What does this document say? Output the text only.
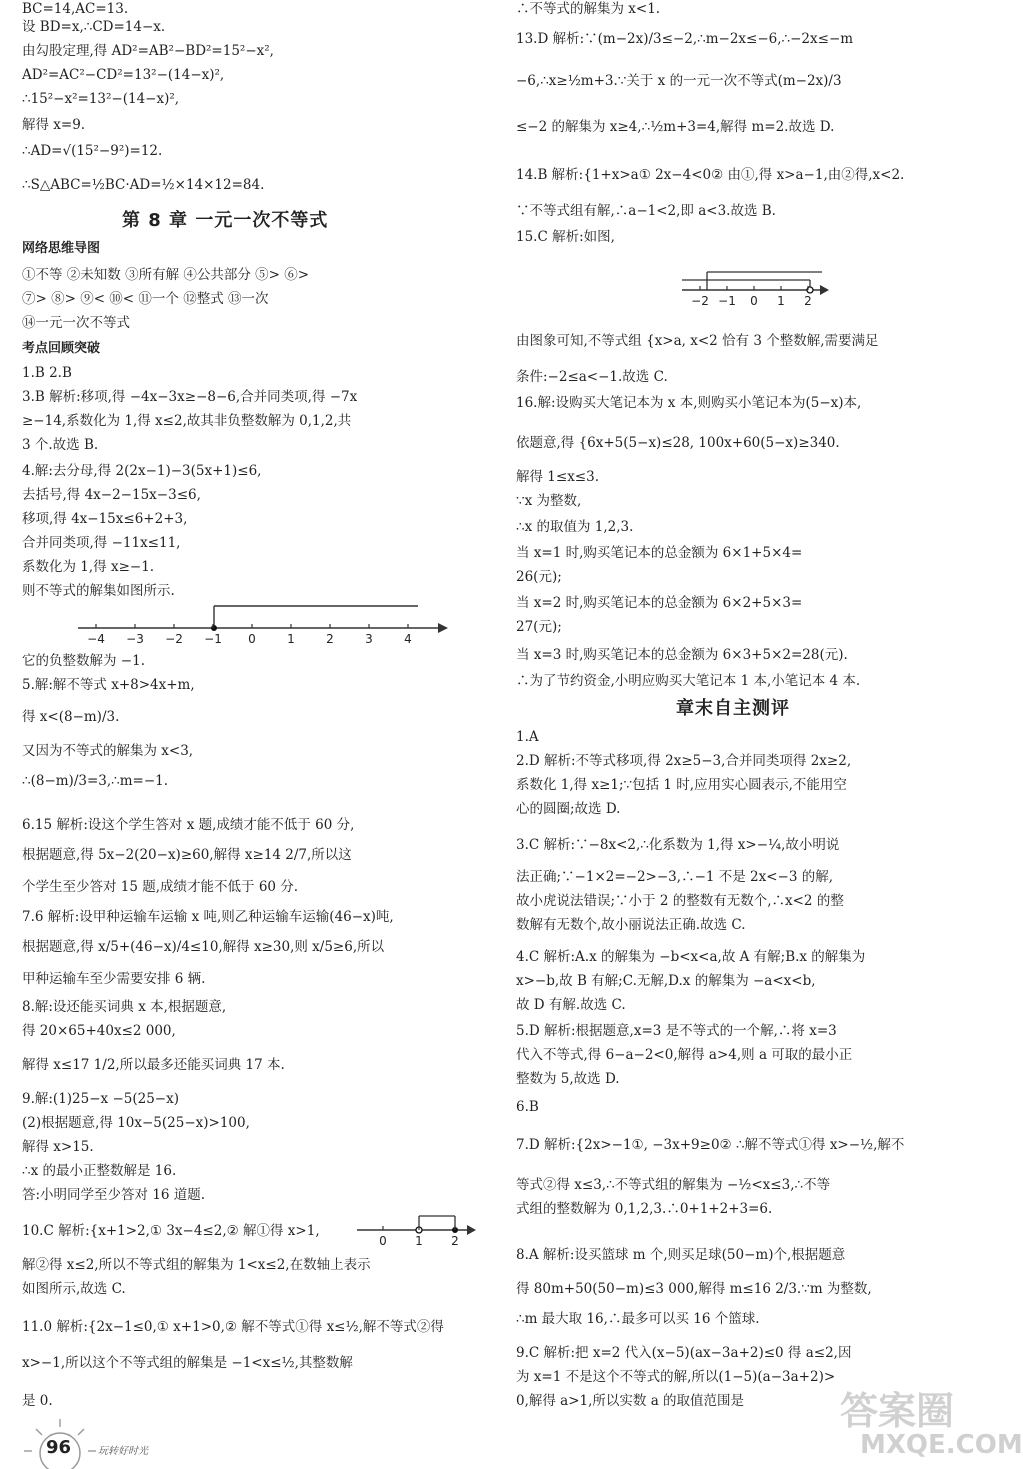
BC=14,AC=13.
设 BD=x,∴CD=14−x.
由勾股定理,得 AD²=AB²−BD²=15²−x²,
AD²=AC²−CD²=13²−(14−x)²,
∴15²−x²=13²−(14−x)²,
解得 x=9.
∴AD=√(15²−9²)=12.
∴S△ABC=½BC·AD=½×14×12=84.
第 8 章 一元一次不等式
网络思维导图
①不等 ②未知数 ③所有解 ④公共部分 ⑤> ⑥>
⑦> ⑧> ⑨< ⑩< ⑪一个 ⑫整式 ⑬一次
⑭一元一次不等式
考点回顾突破
1.B 2.B
3.B 解析:移项,得 −4x−3x≥−8−6,合并同类项,得 −7x
≥−14,系数化为 1,得 x≤2,故其非负整数解为 0,1,2,共
3 个.故选 B.
4.解:去分母,得 2(2x−1)−3(5x+1)≤6,
去括号,得 4x−2−15x−3≤6,
移项,得 4x−15x≤6+2+3,
合并同类项,得 −11x≤11,
系数化为 1,得 x≥−1.
则不等式的解集如图所示.
它的负整数解为 −1.
5.解:解不等式 x+8>4x+m,
得 x<(8−m)/3.
又因为不等式的解集为 x<3,
∴(8−m)/3=3,∴m=−1.
6.15 解析:设这个学生答对 x 题,成绩才能不低于 60 分,
根据题意,得 5x−2(20−x)≥60,解得 x≥14 2/7,所以这
个学生至少答对 15 题,成绩才能不低于 60 分.
7.6 解析:设甲种运输车运输 x 吨,则乙种运输车运输(46−x)吨,
根据题意,得 x/5+(46−x)/4≤10,解得 x≥30,则 x/5≥6,所以
甲种运输车至少需要安排 6 辆.
8.解:设还能买词典 x 本,根据题意,
得 20×65+40x≤2 000,
解得 x≤17 1/2,所以最多还能买词典 17 本.
9.解:(1)25−x −5(25−x)
(2)根据题意,得 10x−5(25−x)>100,
解得 x>15.
∴x 的最小正整数解是 16.
答:小明同学至少答对 16 道题.
10.C 解析:{x+1>2,① 3x−4≤2,② 解①得 x>1,
解②得 x≤2,所以不等式组的解集为 1<x≤2,在数轴上表示
如图所示,故选 C.
11.0 解析:{2x−1≤0,① x+1>0,② 解不等式①得 x≤½,解不等式②得
x>−1,所以这个不等式组的解集是 −1<x≤½,其整数解
是 0.
∴不等式的解集为 x<1.
13.D 解析:∵(m−2x)/3≤−2,∴m−2x≤−6,∴−2x≤−m
−6,∴x≥½m+3.∵关于 x 的一元一次不等式(m−2x)/3
≤−2 的解集为 x≥4,∴½m+3=4,解得 m=2.故选 D.
14.B 解析:{1+x>a① 2x−4<0② 由①,得 x>a−1,由②得,x<2.
∵不等式组有解,∴a−1<2,即 a<3.故选 B.
15.C 解析:如图,
由图象可知,不等式组 {x>a, x<2 恰有 3 个整数解,需要满足
条件:−2≤a<−1.故选 C.
16.解:设购买大笔记本为 x 本,则购买小笔记本为(5−x)本,
依题意,得 {6x+5(5−x)≤28, 100x+60(5−x)≥340.
解得 1≤x≤3.
∵x 为整数,
∴x 的取值为 1,2,3.
当 x=1 时,购买笔记本的总金额为 6×1+5×4=
26(元);
当 x=2 时,购买笔记本的总金额为 6×2+5×3=
27(元);
当 x=3 时,购买笔记本的总金额为 6×3+5×2=28(元).
∴为了节约资金,小明应购买大笔记本 1 本,小笔记本 4 本.
章末自主测评
1.A
2.D 解析:不等式移项,得 2x≥5−3,合并同类项得 2x≥2,
系数化 1,得 x≥1;∵包括 1 时,应用实心圆表示,不能用空
心的圆圈;故选 D.
3.C 解析:∵−8x<2,∴化系数为 1,得 x>−¼,故小明说
法正确;∵−1×2=−2>−3,∴−1 不是 2x<−3 的解,
故小虎说法错误;∵小于 2 的整数有无数个,∴x<2 的整
数解有无数个,故小丽说法正确.故选 C.
4.C 解析:A.x 的解集为 −b<x<a,故 A 有解;B.x 的解集为
x>−b,故 B 有解;C.无解,D.x 的解集为 −a<x<b,
故 D 有解.故选 C.
5.D 解析:根据题意,x=3 是不等式的一个解,∴将 x=3
代入不等式,得 6−a−2<0,解得 a>4,则 a 可取的最小正
整数为 5,故选 D.
6.B
7.D 解析:{2x>−1①, −3x+9≥0② ∴解不等式①得 x>−½,解不
等式②得 x≤3,∴不等式组的解集为 −½<x≤3,∴不等
式组的整数解为 0,1,2,3.∴0+1+2+3=6.
8.A 解析:设买篮球 m 个,则买足球(50−m)个,根据题意
得 80m+50(50−m)≤3 000,解得 m≤16 2/3.∵m 为整数,
∴m 最大取 16,∴最多可以买 16 个篮球.
9.C 解析:把 x=2 代入(x−5)(ax−3a+2)≤0 得 a≤2,因
为 x=1 不是这个不等式的解,所以(1−5)(a−3a+2)>
0,解得 a>1,所以实数 a 的取值范围是
−4 −3 −2 −1 0	1	2	3	4
0 1 2
−2 −1 0 1 2
96	玩转好时光
答案圈
MXQE.COM
